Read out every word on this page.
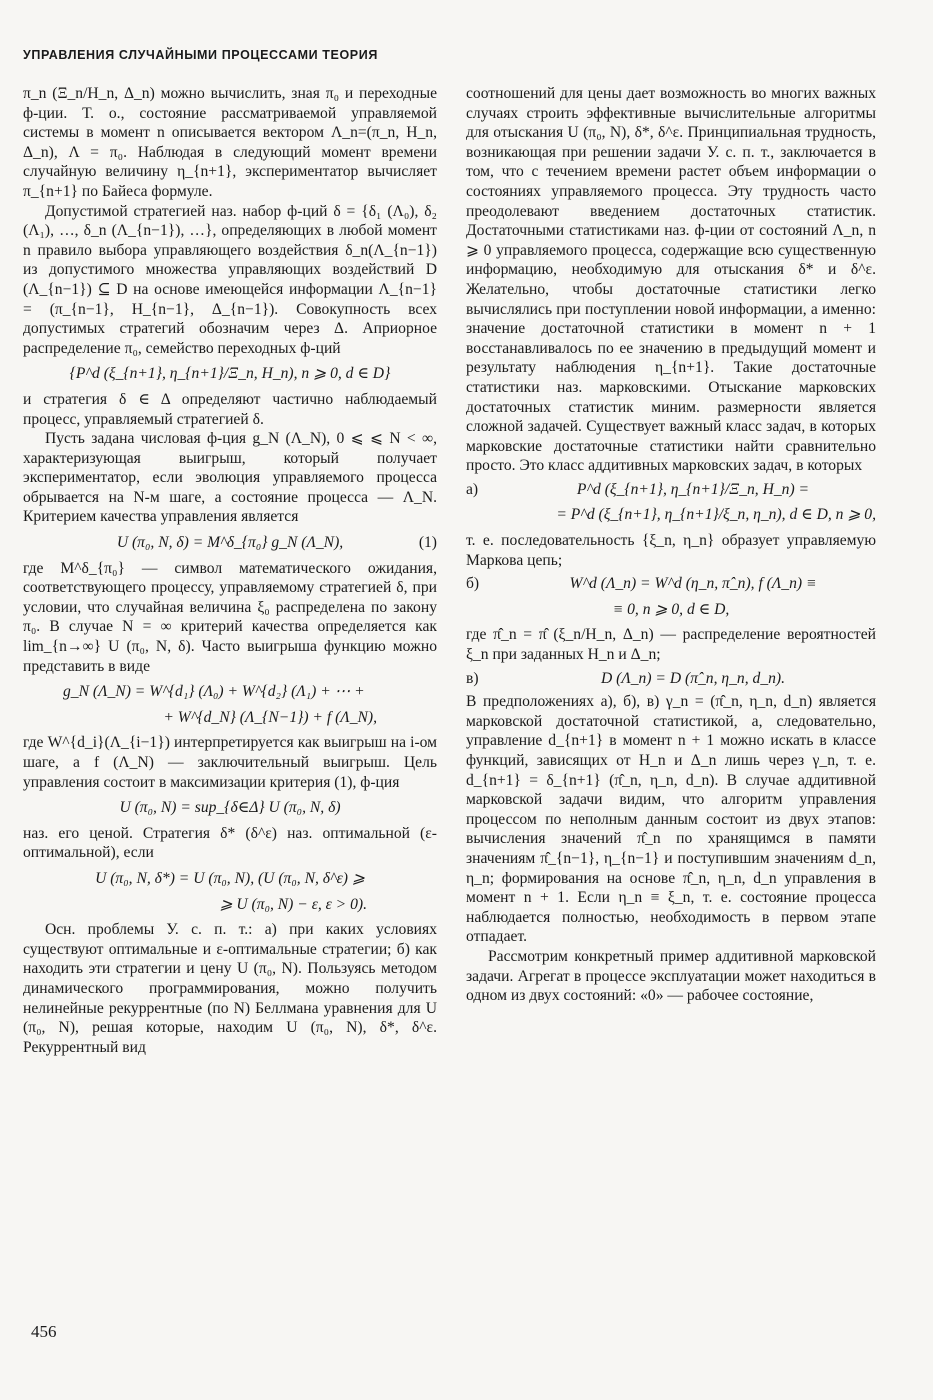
УПРАВЛЕНИЯ СЛУЧАЙНЫМИ ПРОЦЕССАМИ ТЕОРИЯ

π_n (Ξ_n/H_n, Δ_n) можно вычислить, зная π₀ и переходные ф-ции. Т. о., состояние рассматриваемой управляемой системы в момент n описывается вектором Λ_n=(π_n, H_n, Δ_n), Λ = π₀. Наблюдая в следующий момент времени случайную величину η_{n+1}, экспериментатор вычисляет π_{n+1} по Байеса формуле.

Допустимой стратегией наз. набор ф-ций δ = {δ₁ (Λ₀), δ₂ (Λ₁), …, δ_n (Λ_{n−1}), …}, определяющих в любой момент n правило выбора управляющего воздействия δ_n(Λ_{n−1}) из допустимого множества управляющих воздействий D (Λ_{n−1}) ⊆ D на основе имеющейся информации Λ_{n−1} = (π_{n−1}, H_{n−1}, Δ_{n−1}). Совокупность всех допустимых стратегий обозначим через Δ. Априорное распределение π₀, семейство переходных ф-ций

{P^d (ξ_{n+1}, η_{n+1}/Ξ_n, H_n), n ⩾ 0, d ∈ D}

и стратегия δ ∈ Δ определяют частично наблюдаемый процесс, управляемый стратегией δ.

Пусть задана числовая ф-ция g_N (Λ_N), 0 ⩽ ⩽ N < ∞, характеризующая выигрыш, который получает экспериментатор, если эволюция управляемого процесса обрывается на N-м шаге, а состояние процесса — Λ_N. Критерием качества управления является

U (π₀, N, δ) = M^δ_{π₀} g_N (Λ_N),	(1)

где M^δ_{π₀} — символ математического ожидания, соответствующего процессу, управляемому стратегией δ, при условии, что случайная величина ξ₀ распределена по закону π₀. В случае N = ∞ критерий качества определяется как lim_{n→∞} U (π₀, N, δ). Часто выигрыша функцию можно представить в виде

g_N (Λ_N) = W^{d₁} (Λ₀) + W^{d₂} (Λ₁) + ⋯ +
+ W^{d_N} (Λ_{N−1}) + f (Λ_N),

где W^{d_i}(Λ_{i−1}) интерпретируется как выигрыш на i-ом шаге, а f (Λ_N) — заключительный выигрыш. Цель управления состоит в максимизации критерия (1), ф-ция

U (π₀, N) = sup_{δ∈Δ} U (π₀, N, δ)

наз. его ценой. Стратегия δ* (δ^ε) наз. оптимальной (ε-оптимальной), если

U (π₀, N, δ*) = U (π₀, N), (U (π₀, N, δ^ε) ⩾
⩾ U (π₀, N) − ε, ε > 0).

Осн. проблемы У. с. п. т.: а) при каких условиях существуют оптимальные и ε-оптимальные стратегии; б) как находить эти стратегии и цену U (π₀, N). Пользуясь методом динамического программирования, можно получить нелинейные рекуррентные (по N) Беллмана уравнения для U (π₀, N), решая которые, находим U (π₀, N), δ*, δ^ε. Рекуррентный вид

соотношений для цены дает возможность во многих важных случаях строить эффективные вычислительные алгоритмы для отыскания U (π₀, N), δ*, δ^ε. Принципиальная трудность, возникающая при решении задачи У. с. п. т., заключается в том, что с течением времени растет объем информации о состояниях управляемого процесса. Эту трудность часто преодолевают введением достаточных статистик. Достаточными статистиками наз. ф-ции от состояний Λ_n, n ⩾ 0 управляемого процесса, содержащие всю существенную информацию, необходимую для отыскания δ* и δ^ε. Желательно, чтобы достаточные статистики легко вычислялись при поступлении новой информации, а именно: значение достаточной статистики в момент n + 1 восстанавливалось по ее значению в предыдущий момент и результату наблюдения η_{n+1}. Такие достаточные статистики наз. марковскими. Отыскание марковских достаточных статистик миним. размерности является сложной задачей. Существует важный класс задач, в которых марковские достаточные статистики найти сравнительно просто. Это класс аддитивных марковских задач, в которых

а)	P^d (ξ_{n+1}, η_{n+1}/Ξ_n, H_n) =
= P^d (ξ_{n+1}, η_{n+1}/ξ_n, η_n), d ∈ D, n ⩾ 0,

т. е. последовательность {ξ_n, η_n} образует управляемую Маркова цепь;

б)	W^d (Λ_n) = W^d (η_n, π̂_n), f (Λ_n) ≡
≡ 0, n ⩾ 0, d ∈ D,

где π̂_n = π̂ (ξ_n/H_n, Δ_n) — распределение вероятностей ξ_n при заданных H_n и Δ_n;

в)	D (Λ_n) = D (π̂_n, η_n, d_n).

В предположениях а), б), в) γ_n = (π̂_n, η_n, d_n) является марковской достаточной статистикой, а, следовательно, управление d_{n+1} в момент n + 1 можно искать в классе функций, зависящих от H_n и Δ_n лишь через γ_n, т. е. d_{n+1} = δ_{n+1} (π̂_n, η_n, d_n). В случае аддитивной марковской задачи видим, что алгоритм управления процессом по неполным данным состоит из двух этапов: вычисления значений π̂_n по хранящимся в памяти значениям π̂_{n−1}, η_{n−1} и поступившим значениям d_n, η_n; формирования на основе π̂_n, η_n, d_n управления в момент n + 1. Если η_n ≡ ξ_n, т. е. состояние процесса наблюдается полностью, необходимость в первом этапе отпадает.

Рассмотрим конкретный пример аддитивной марковской задачи. Агрегат в процессе эксплуатации может находиться в одном из двух состояний: «0» — рабочее состояние,

456
